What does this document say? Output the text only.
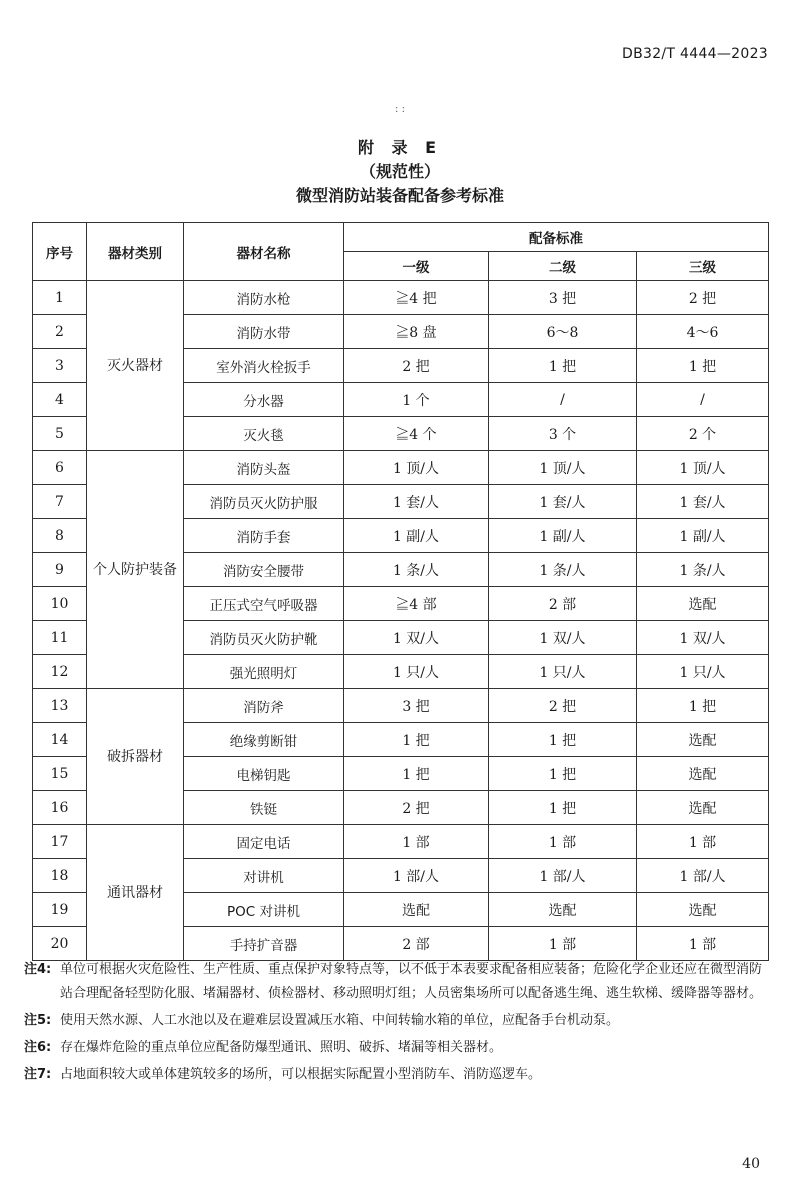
DB32/T 4444—2023
: :
附 录 E
（规范性）
微型消防站装备配备参考标准
序号	器材类别	器材名称	配备标准		
			一级	二级	三级
1	灭火器材	消防水枪	≧4 把	3 把	2 把
2		消防水带	≧8 盘	6～8	4～6
3		室外消火栓扳手	2 把	1 把	1 把
4		分水器	1 个	/	/
5		灭火毯	≧4 个	3 个	2 个
6	个人防护装备	消防头盔	1 顶/人	1 顶/人	1 顶/人
7		消防员灭火防护服	1 套/人	1 套/人	1 套/人
8		消防手套	1 副/人	1 副/人	1 副/人
9		消防安全腰带	1 条/人	1 条/人	1 条/人
10		正压式空气呼吸器	≧4 部	2 部	选配
11		消防员灭火防护靴	1 双/人	1 双/人	1 双/人
12		强光照明灯	1 只/人	1 只/人	1 只/人
13	破拆器材	消防斧	3 把	2 把	1 把
14		绝缘剪断钳	1 把	1 把	选配
15		电梯钥匙	1 把	1 把	选配
16		铁铤	2 把	1 把	选配
17	通讯器材	固定电话	1 部	1 部	1 部
18		对讲机	1 部/人	1 部/人	1 部/人
19		POC 对讲机	选配	选配	选配
20		手持扩音器	2 部	1 部	1 部
注4: 单位可根据火灾危险性、生产性质、重点保护对象特点等，以不低于本表要求配备相应装备；危险化学企业还应在微型消防站合理配备轻型防化服、堵漏器材、侦检器材、移动照明灯组；人员密集场所可以配备逃生绳、逃生软梯、缓降器等器材。
注5: 使用天然水源、人工水池以及在避难层设置减压水箱、中间转输水箱的单位，应配备手台机动泵。
注6: 存在爆炸危险的重点单位应配备防爆型通讯、照明、破拆、堵漏等相关器材。
注7: 占地面积较大或单体建筑较多的场所，可以根据实际配置小型消防车、消防巡逻车。
40
